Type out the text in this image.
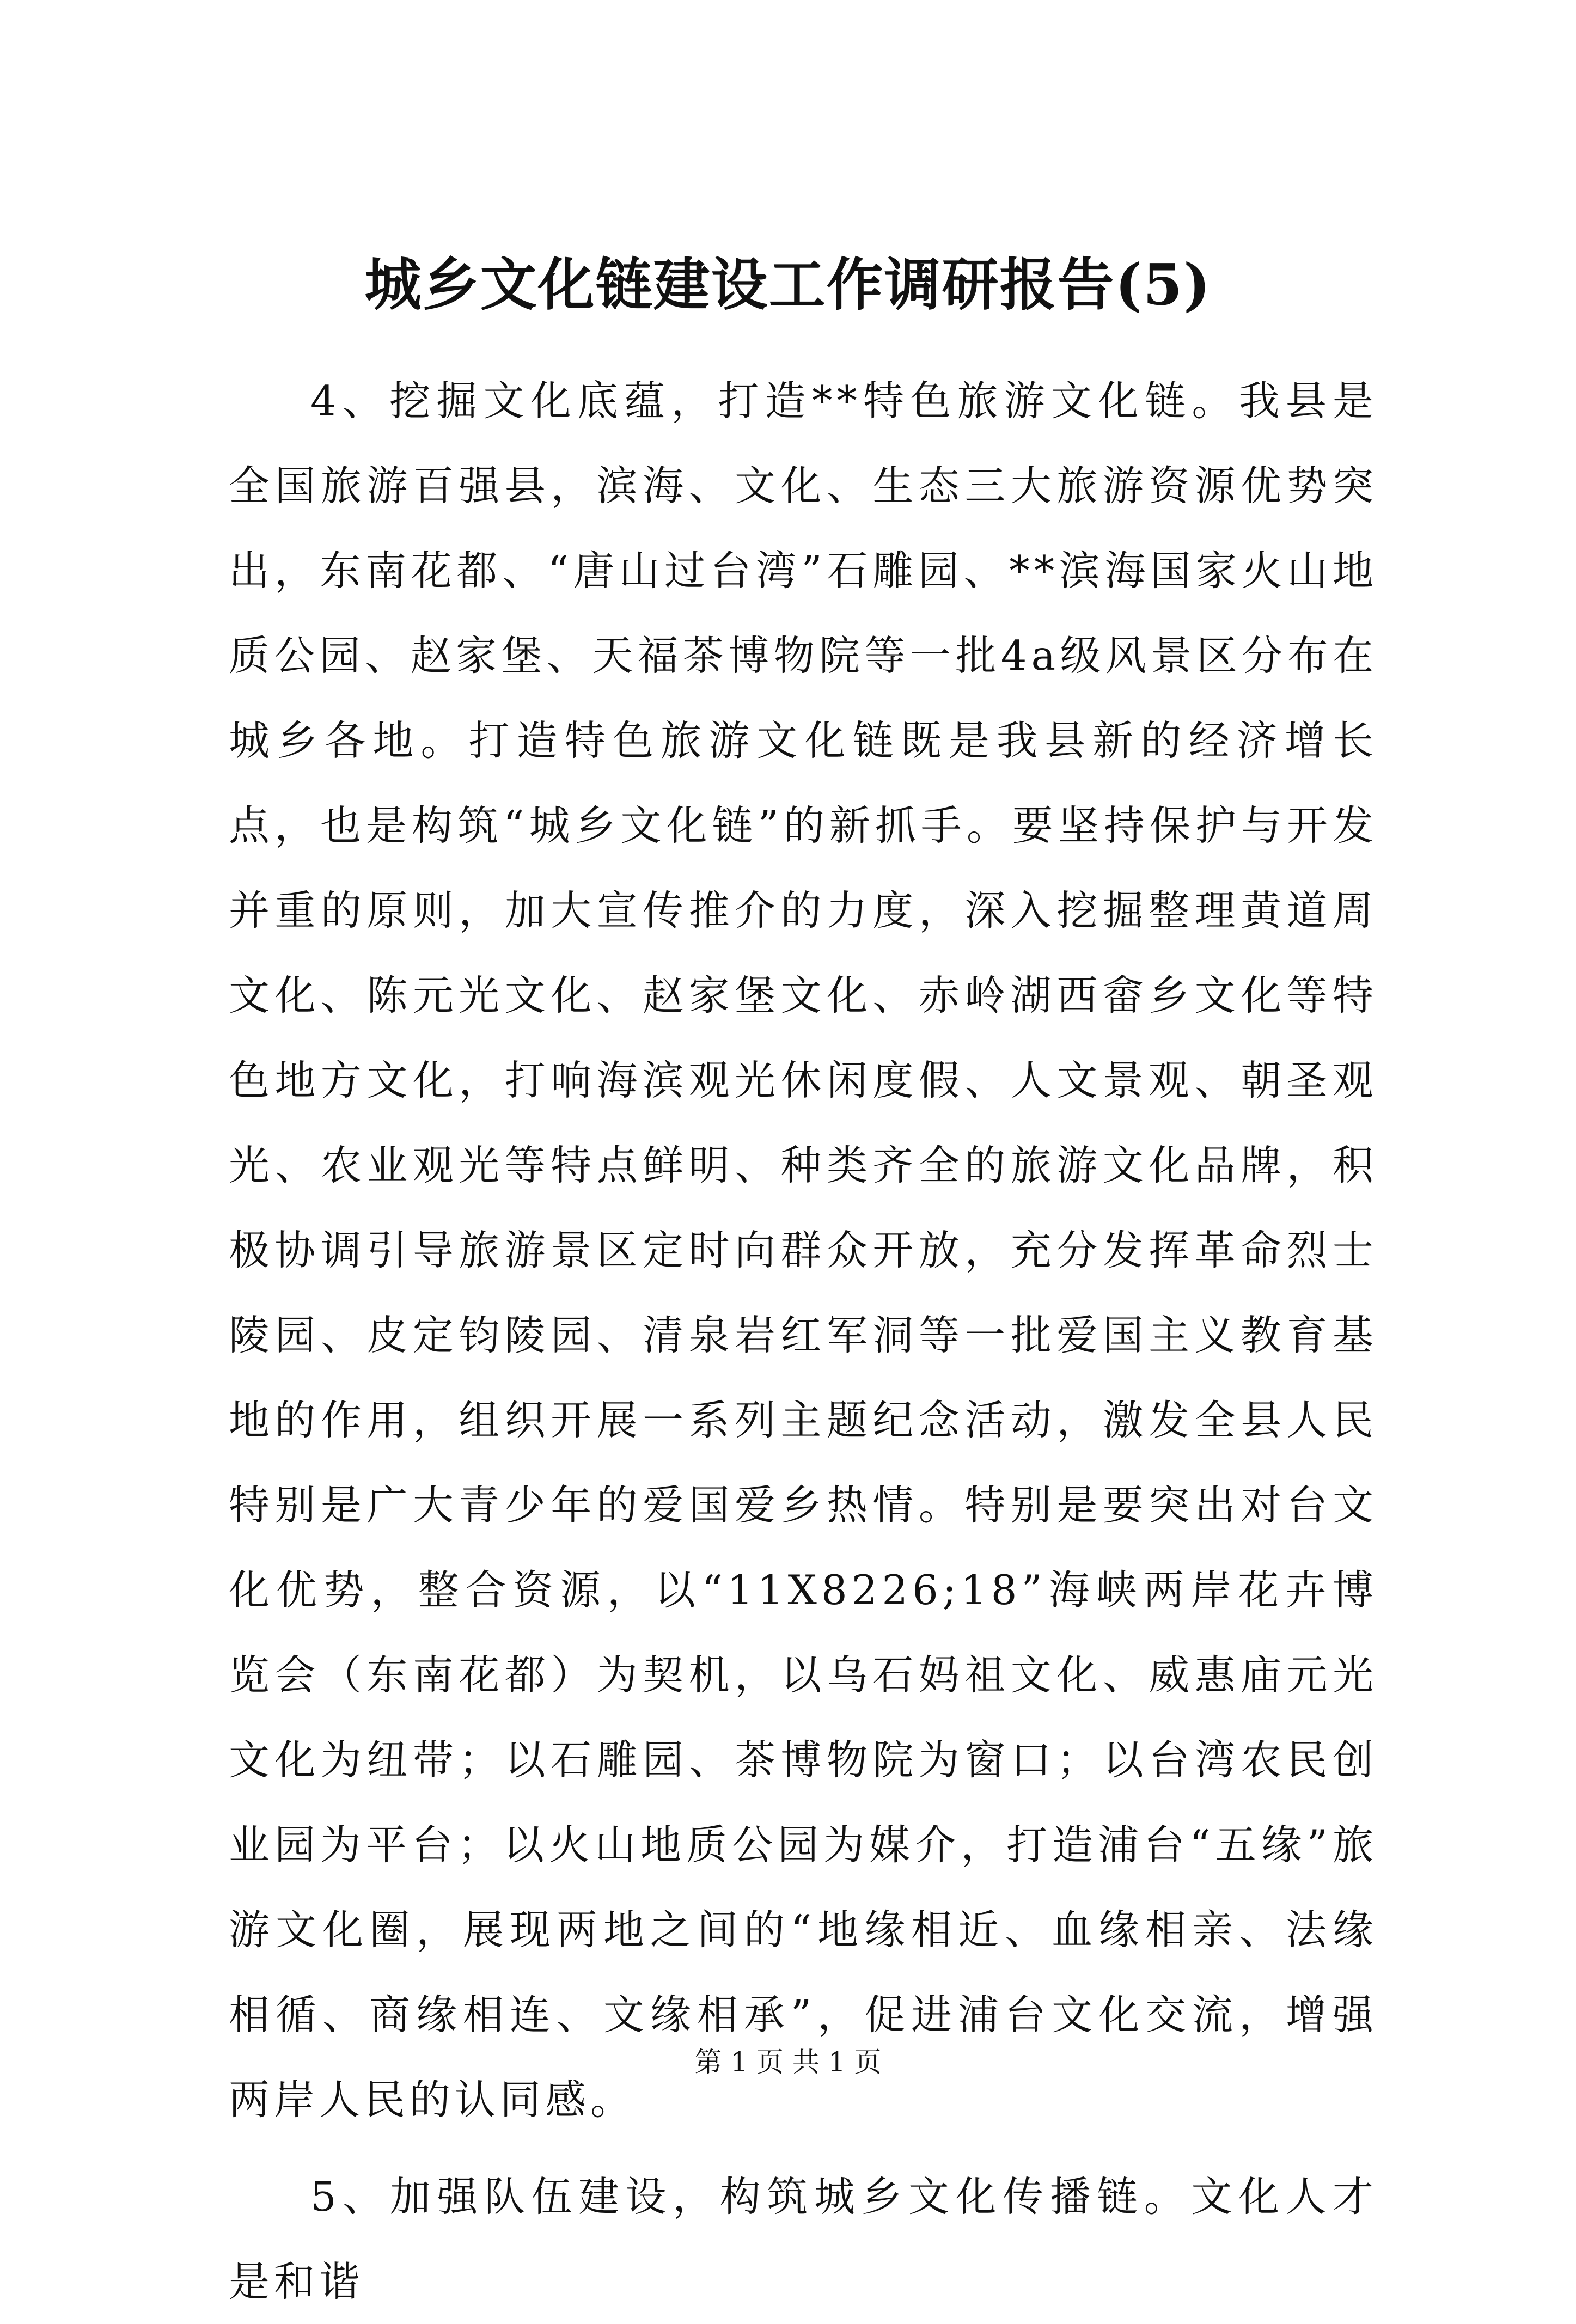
城乡文化链建设工作调研报告(5)

4、挖掘文化底蕴，打造**特色旅游文化链。我县是全国旅游百强县，滨海、文化、生态三大旅游资源优势突出，东南花都、“唐山过台湾”石雕园、**滨海国家火山地质公园、赵家堡、天福茶博物院等一批4a级风景区分布在城乡各地。打造特色旅游文化链既是我县新的经济增长点，也是构筑“城乡文化链”的新抓手。要坚持保护与开发并重的原则，加大宣传推介的力度，深入挖掘整理黄道周文化、陈元光文化、赵家堡文化、赤岭湖西畲乡文化等特色地方文化，打响海滨观光休闲度假、人文景观、朝圣观光、农业观光等特点鲜明、种类齐全的旅游文化品牌，积极协调引导旅游景区定时向群众开放，充分发挥革命烈士陵园、皮定钧陵园、清泉岩红军洞等一批爱国主义教育基地的作用，组织开展一系列主题纪念活动，激发全县人民特别是广大青少年的爱国爱乡热情。特别是要突出对台文化优势，整合资源，以“11X8226;18”海峡两岸花卉博览会（东南花都）为契机，以乌石妈祖文化、威惠庙元光文化为纽带；以石雕园、茶博物院为窗口；以台湾农民创业园为平台；以火山地质公园为媒介，打造浦台“五缘”旅游文化圈，展现两地之间的“地缘相近、血缘相亲、法缘相循、商缘相连、文缘相承”，促进浦台文化交流，增强两岸人民的认同感。

5、加强队伍建设，构筑城乡文化传播链。文化人才是和谐

第 1 页 共 1 页
